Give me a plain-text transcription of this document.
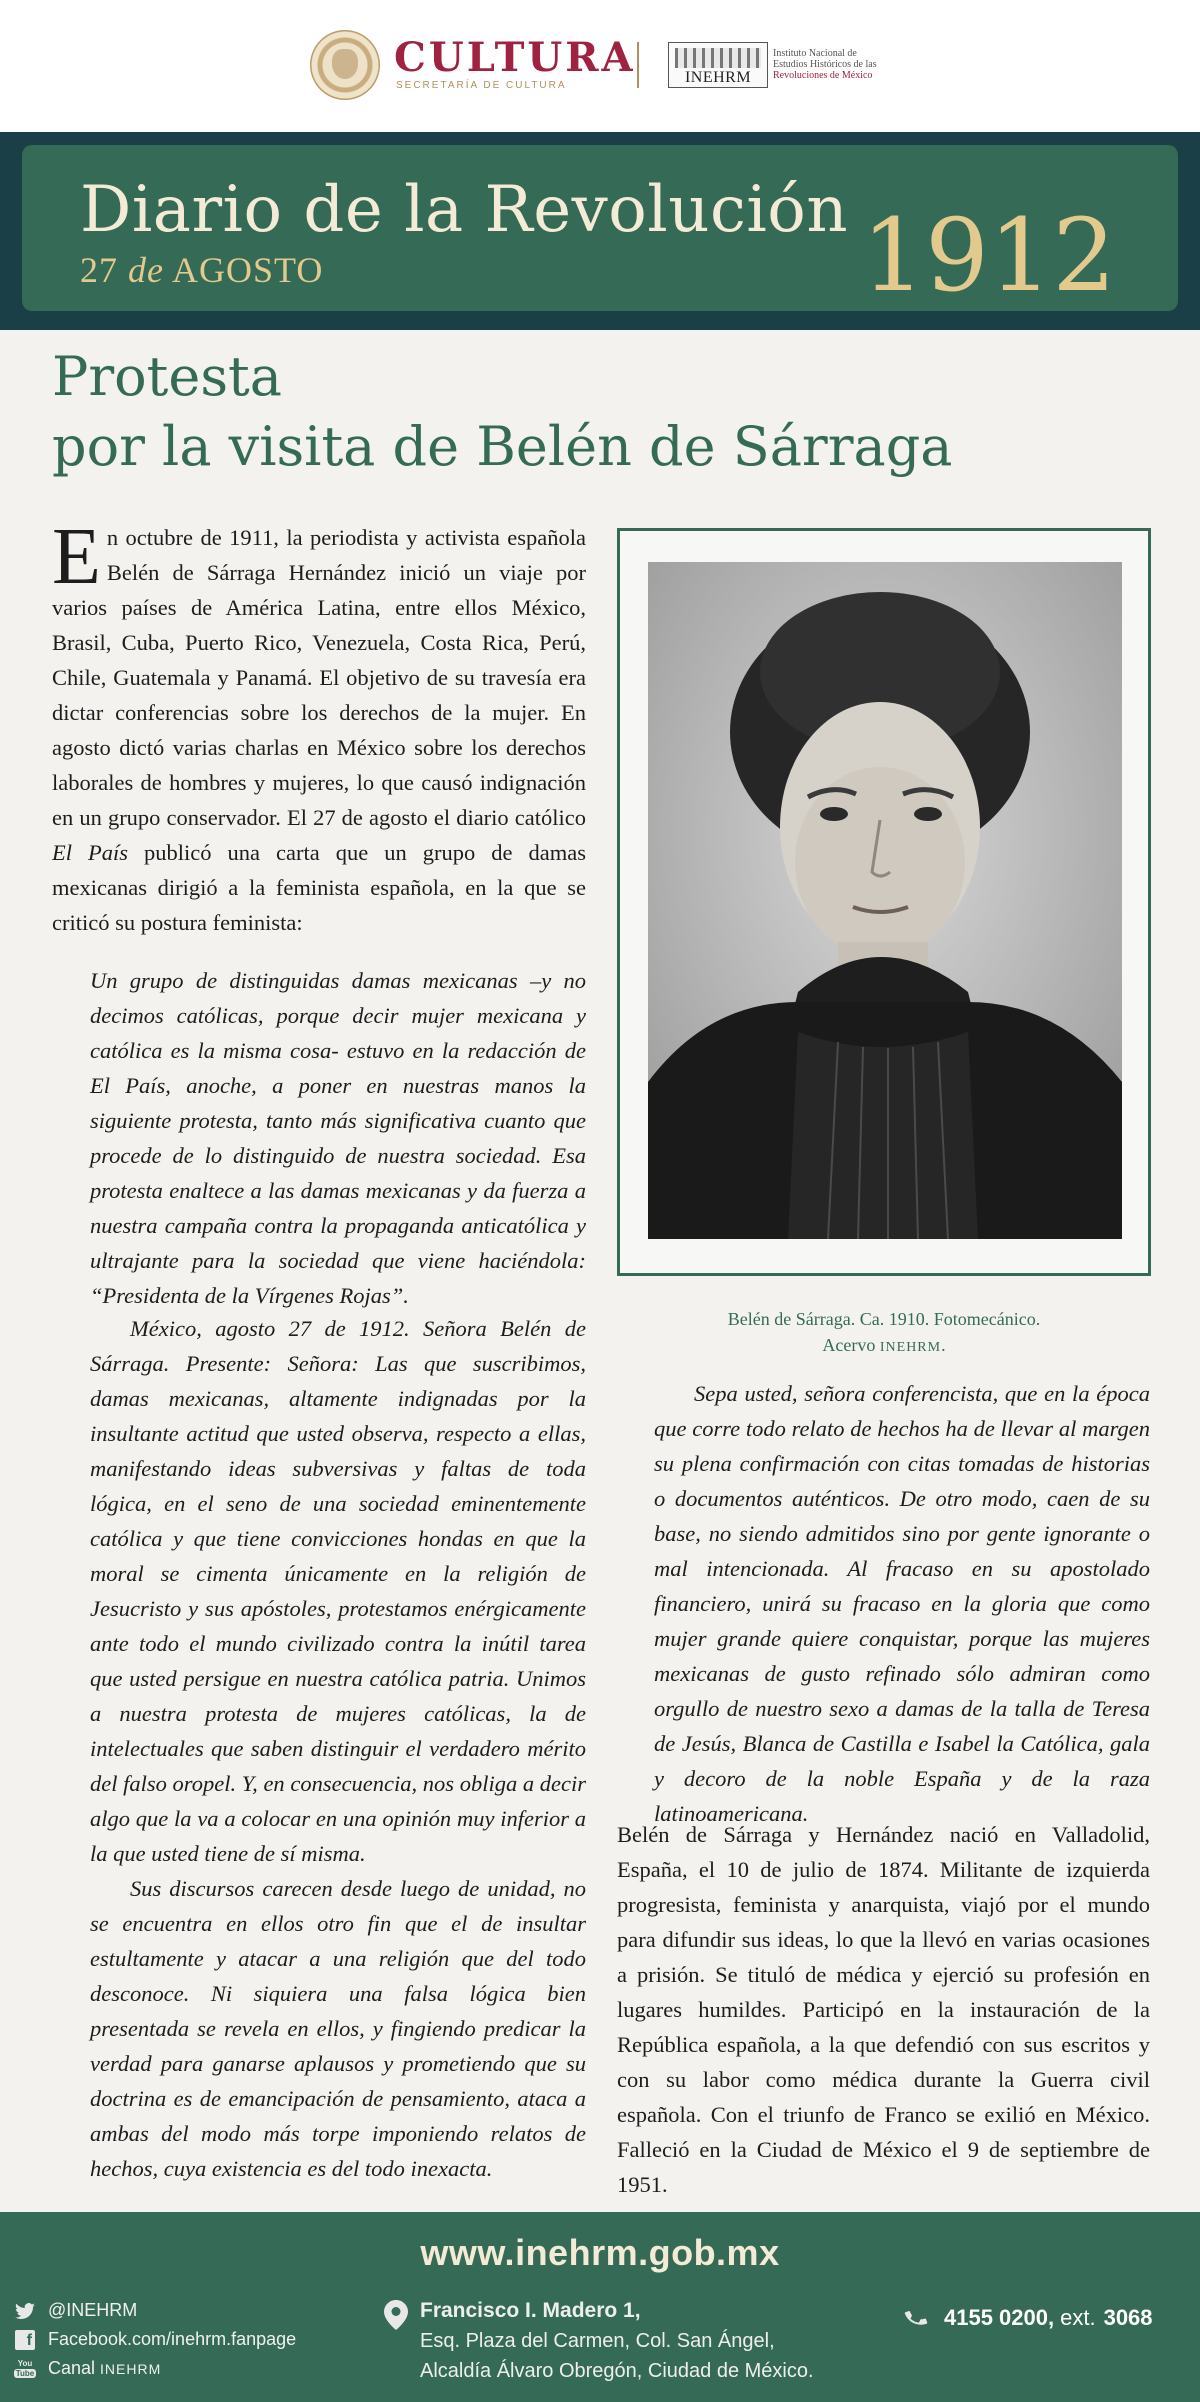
CULTURA
SECRETARÍA DE CULTURA	INEHRM
Instituto Nacional de
Estudios Históricos de las
Revoluciones de México
Diario de la Revolución
27 de AGOSTO	1912
Protesta
por la visita de Belén de Sárraga
En octubre de 1911, la periodista y activista española Belén de Sárraga Hernández inició un viaje por varios países de América Latina, entre ellos México, Brasil, Cuba, Puerto Rico, Venezuela, Costa Rica, Perú, Chile, Guatemala y Panamá. El objetivo de su travesía era dictar conferencias sobre los derechos de la mujer. En agosto dictó varias charlas en México sobre los derechos laborales de hombres y mujeres, lo que causó indignación en un grupo conservador. El 27 de agosto el diario católico El País publicó una carta que un grupo de damas mexicanas dirigió a la feminista española, en la que se criticó su postura feminista:
Un grupo de distinguidas damas mexicanas –y no decimos católicas, porque decir mujer mexicana y católica es la misma cosa- estuvo en la redacción de El País, anoche, a poner en nuestras manos la siguiente protesta, tanto más significativa cuanto que procede de lo distinguido de nuestra sociedad. Esa protesta enaltece a las damas mexicanas y da fuerza a nuestra campaña contra la propaganda anticatólica y ultrajante para la sociedad que viene haciéndola: “Presidenta de la Vírgenes Rojas”.
México, agosto 27 de 1912. Señora Belén de Sárraga. Presente: Señora: Las que suscribimos, damas mexicanas, altamente indignadas por la insultante actitud que usted observa, respecto a ellas, manifestando ideas subversivas y faltas de toda lógica, en el seno de una sociedad eminentemente católica y que tiene convicciones hondas en que la moral se cimenta únicamente en la religión de Jesucristo y sus apóstoles, protestamos enérgicamente ante todo el mundo civilizado contra la inútil tarea que usted persigue en nuestra católica patria. Unimos a nuestra protesta de mujeres católicas, la de intelectuales que saben distinguir el verdadero mérito del falso oropel. Y, en consecuencia, nos obliga a decir algo que la va a colocar en una opinión muy inferior a la que usted tiene de sí misma.
Sus discursos carecen desde luego de unidad, no se encuentra en ellos otro fin que el de insultar estultamente y atacar a una religión que del todo desconoce. Ni siquiera una falsa lógica bien presentada se revela en ellos, y fingiendo predicar la verdad para ganarse aplausos y prometiendo que su doctrina es de emancipación de pensamiento, ataca a ambas del modo más torpe imponiendo relatos de hechos, cuya existencia es del todo inexacta.
Belén de Sárraga. Ca. 1910. Fotomecánico.
Acervo INEHRM.
Sepa usted, señora conferencista, que en la época que corre todo relato de hechos ha de llevar al margen su plena confirmación con citas tomadas de historias o documentos auténticos. De otro modo, caen de su base, no siendo admitidos sino por gente ignorante o mal intencionada. Al fracaso en su apostolado financiero, unirá su fracaso en la gloria que como mujer grande quiere conquistar, porque las mujeres mexicanas de gusto refinado sólo admiran como orgullo de nuestro sexo a damas de la talla de Teresa de Jesús, Blanca de Castilla e Isabel la Católica, gala y decoro de la noble España y de la raza latinoamericana.
Belén de Sárraga y Hernández nació en Valladolid, España, el 10 de julio de 1874. Militante de izquierda progresista, feminista y anarquista, viajó por el mundo para difundir sus ideas, lo que la llevó en varias ocasiones a prisión. Se tituló de médica y ejerció su profesión en lugares humildes. Participó en la instauración de la República española, a la que defendió con sus escritos y con su labor como médica durante la Guerra civil española. Con el triunfo de Franco se exilió en México. Falleció en la Ciudad de México el 9 de septiembre de 1951.
www.inehrm.gob.mx
@INEHRM
f Facebook.com/inehrm.fanpage
You
Tube Canal INEHRM
Francisco I. Madero 1,
Esq. Plaza del Carmen, Col. San Ángel,
Alcaldía Álvaro Obregón, Ciudad de México.
4155 0200, ext. 3068
